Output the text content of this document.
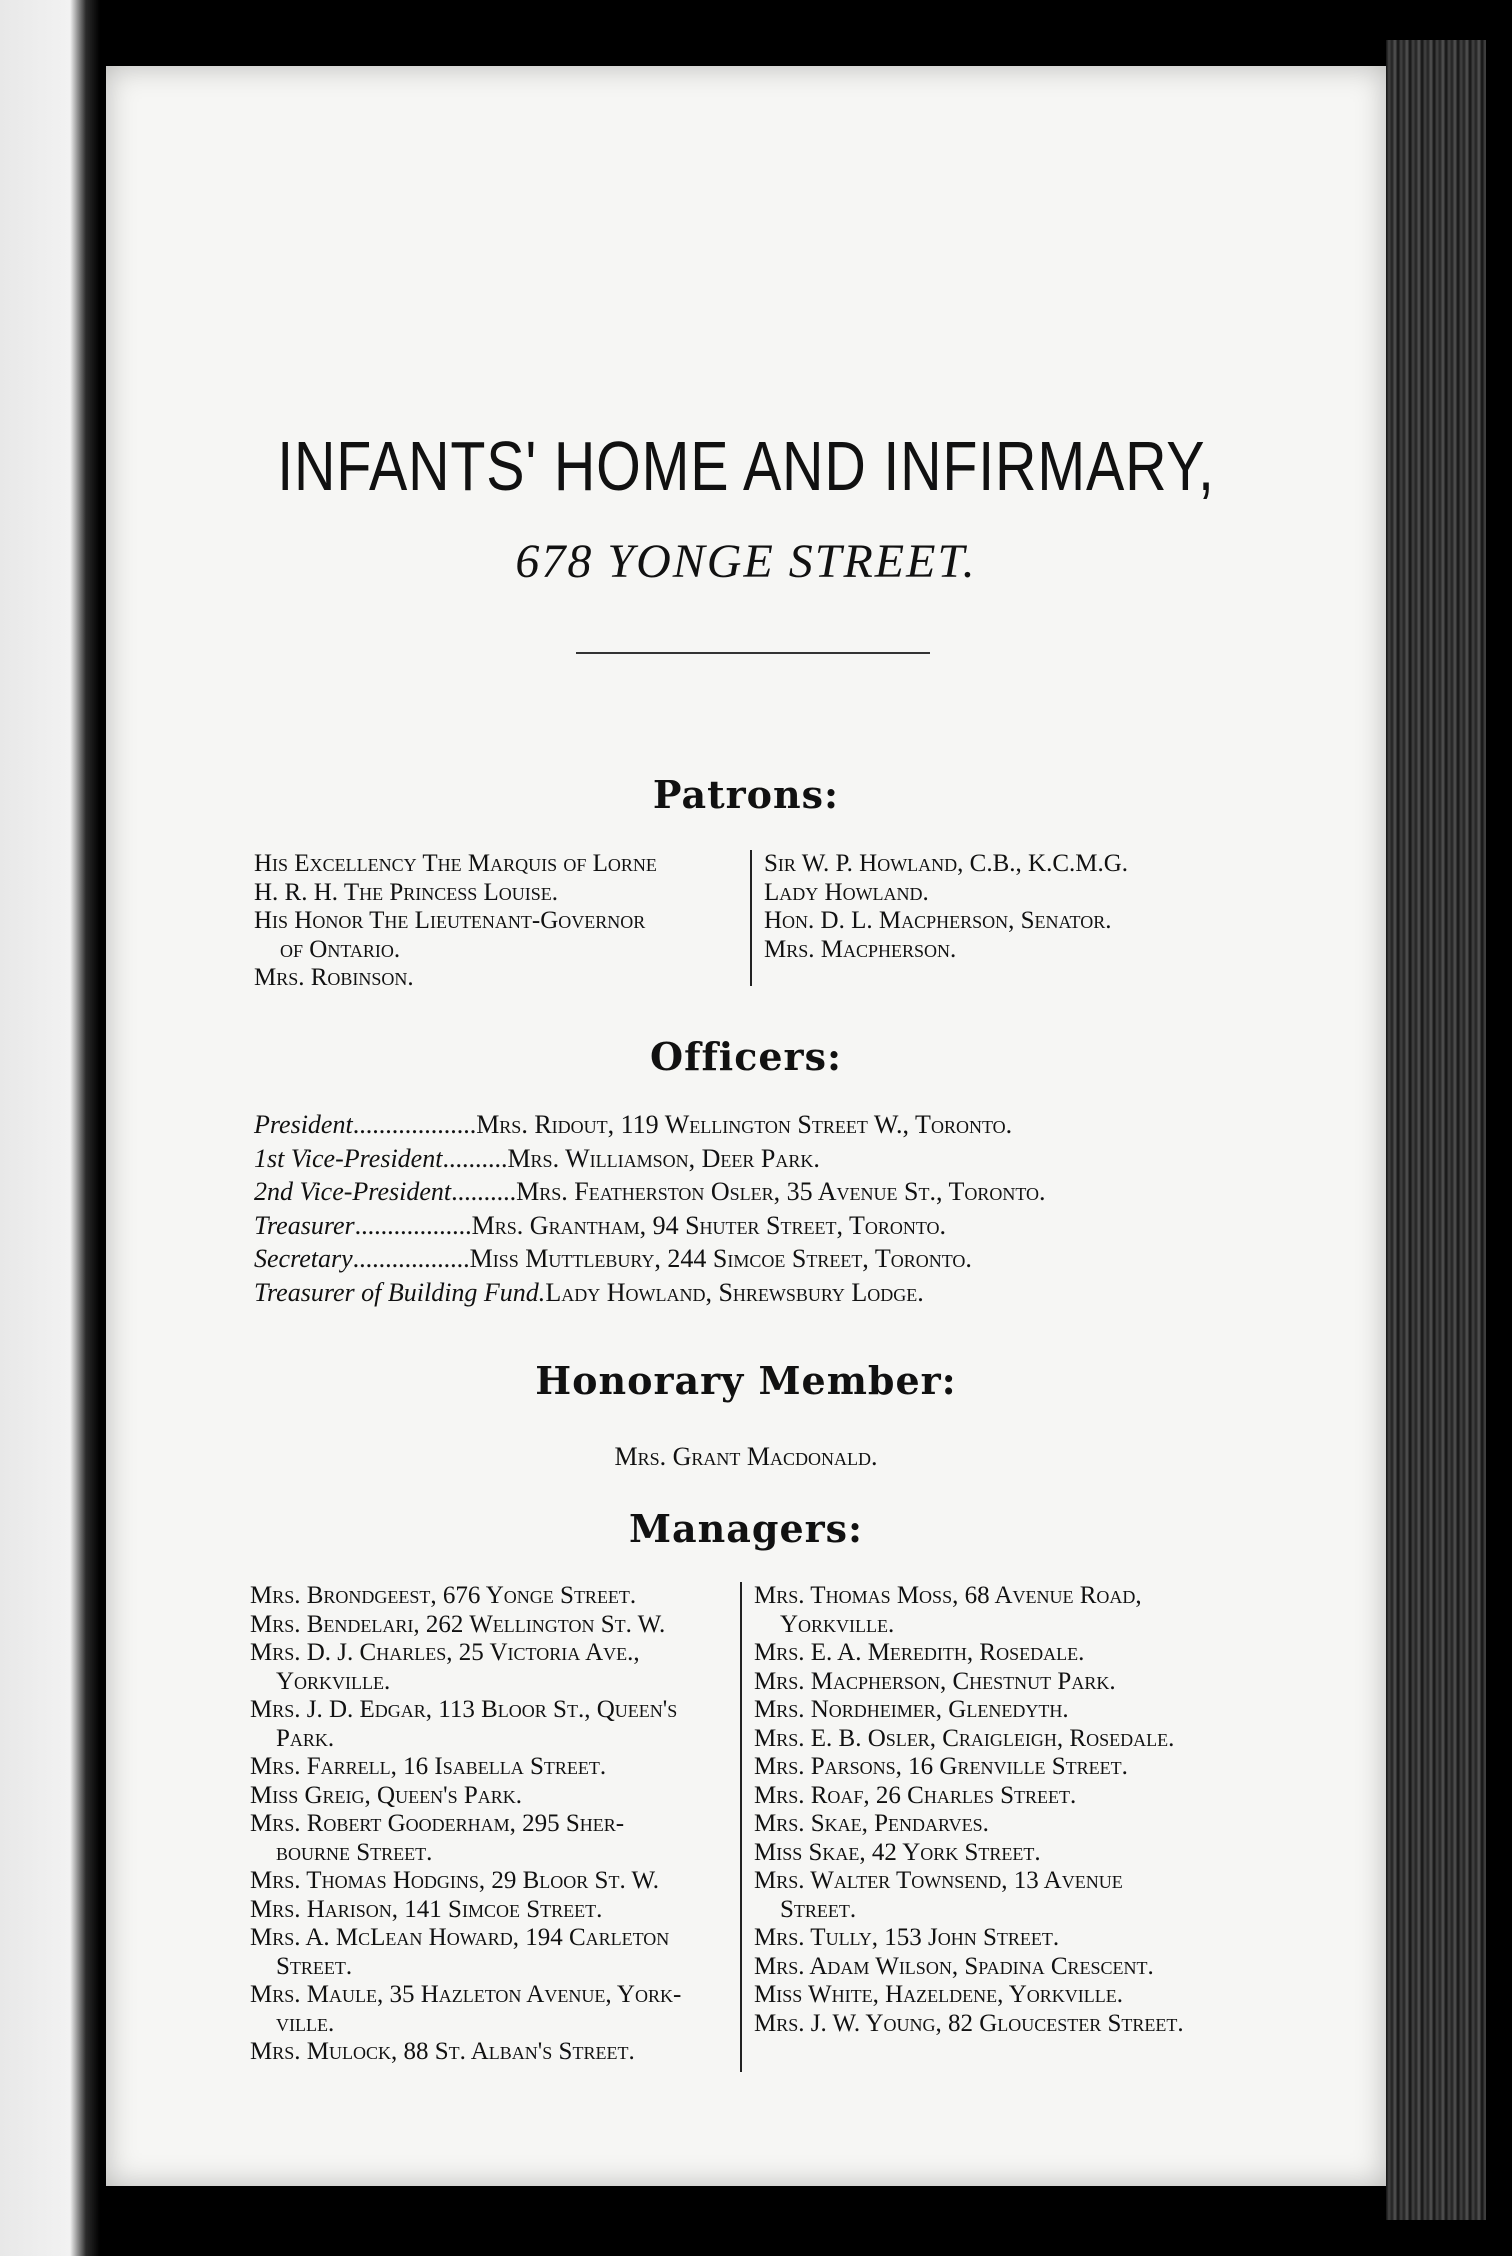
INFANTS' HOME AND INFIRMARY,
678 YONGE STREET.
Patrons:
His Excellency The Marquis of Lorne
H. R. H. The Princess Louise.
His Honor The Lieutenant-Governor
of Ontario.
Mrs. Robinson.
Sir W. P. Howland, C.B., K.C.M.G.
Lady Howland.
Hon. D. L. Macpherson, Senator.
Mrs. Macpherson.
Officers:
President...................Mrs. Ridout, 119 Wellington Street W., Toronto.
1st Vice-President..........Mrs. Williamson, Deer Park.
2nd Vice-President..........Mrs. Featherston Osler, 35 Avenue St., Toronto.
Treasurer..................Mrs. Grantham, 94 Shuter Street, Toronto.
Secretary..................Miss Muttlebury, 244 Simcoe Street, Toronto.
Treasurer of Building Fund.Lady Howland, Shrewsbury Lodge.
Honorary Member:
Mrs. Grant Macdonald.
Managers:
Mrs. Brondgeest, 676 Yonge Street.
Mrs. Bendelari, 262 Wellington St. W.
Mrs. D. J. Charles, 25 Victoria Ave.,
Yorkville.
Mrs. J. D. Edgar, 113 Bloor St., Queen's
Park.
Mrs. Farrell, 16 Isabella Street.
Miss Greig, Queen's Park.
Mrs. Robert Gooderham, 295 Sher-
bourne Street.
Mrs. Thomas Hodgins, 29 Bloor St. W.
Mrs. Harison, 141 Simcoe Street.
Mrs. A. McLean Howard, 194 Carleton
Street.
Mrs. Maule, 35 Hazleton Avenue, York-
ville.
Mrs. Mulock, 88 St. Alban's Street.
Mrs. Thomas Moss, 68 Avenue Road,
Yorkville.
Mrs. E. A. Meredith, Rosedale.
Mrs. Macpherson, Chestnut Park.
Mrs. Nordheimer, Glenedyth.
Mrs. E. B. Osler, Craigleigh, Rosedale.
Mrs. Parsons, 16 Grenville Street.
Mrs. Roaf, 26 Charles Street.
Mrs. Skae, Pendarves.
Miss Skae, 42 York Street.
Mrs. Walter Townsend, 13 Avenue
Street.
Mrs. Tully, 153 John Street.
Mrs. Adam Wilson, Spadina Crescent.
Miss White, Hazeldene, Yorkville.
Mrs. J. W. Young, 82 Gloucester Street.
